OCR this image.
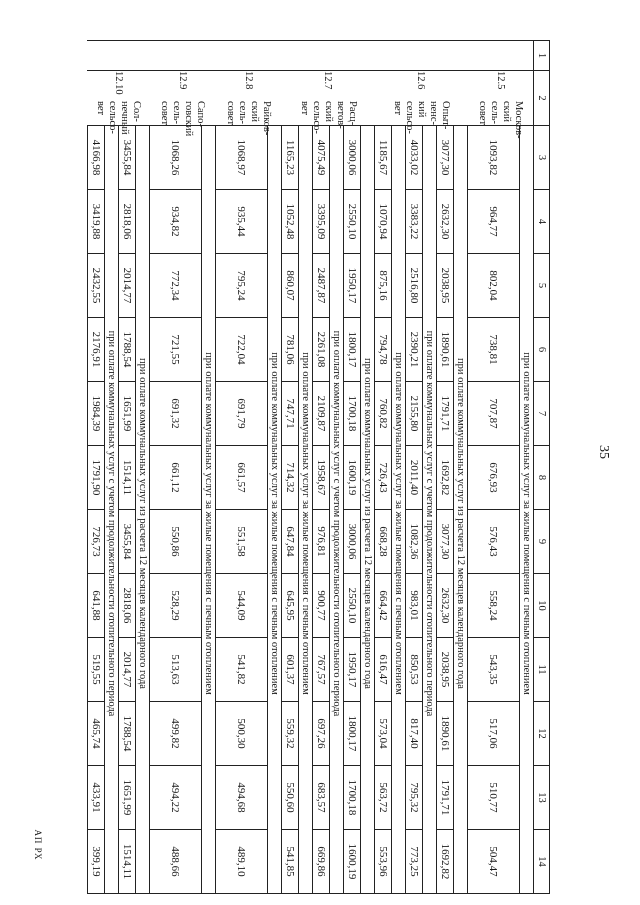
35
АП РХ
1	2	3	4	5	6	7	8	9	10	11	12	13	14
12.5	Москов-ский сель-совет	при оплате коммунальных услуг за жилые помещения с печным отоплением											
		1093,82	964,77	802,04	738,81	707,87	676,93	576,43	558,24	543,35	517,06	510,77	504,47
12.6	Опыт-ненс-кий сельсо-вет	при оплате коммунальных услуг из расчета 12 месяцев календарного года											
		3077,30	2632,30	2038,95	1890,61	1791,71	1692,82	3077,30	2632,30	2038,95	1890,61	1791,71	1692,82
		при оплате коммунальных услуг с учетом продолжительности отопительного периода											
		4033,02	3383,22	2516,80	2390,21	2155,80	2011,40	1082,36	983,01	850,53	817,40	795,32	773,25
		при оплате коммунальных услуг за жилые помещения с печным отоплением											
		1185,67	1070,94	875,16	794,78	760,82	726,43	668,28	664,42	616,47	573,04	563,72	553,96
12.7	Расц-ветов-ский сельсо-вет	при оплате коммунальных услуг из расчета 12 месяцев календарного года											
		3000,06	2550,10	1950,17	1800,17	1700,18	1600,19	3000,06	2550,10	1950,17	1800,17	1700,18	1600,19
		при оплате коммунальных услуг с учетом продолжительности отопительного периода											
		4075,49	3395,09	2487,87	2261,08	2109,87	1958,67	976,81	900,77	767,57	697,26	683,57	669,86
		при оплате коммунальных услуг за жилые помещения с печным отоплением											
		1165,23	1052,48	860,07	781,06	747,71	714,32	647,84	645,95	601,37	559,32	550,60	541,85
12.8	Райков-ский сель-совет	при оплате коммунальных услуг за жилые помещения с печным отоплением											
		1068,97	935,44	795,24	722,04	691,79	661,57	551,58	544,09	541,82	500,30	494,68	489,10
12.9	Сапо-говский сель-совет	при оплате коммунальных услуг за жилые помещения с печным отоплением											
		1068,26	934,82	772,34	721,55	691,32	661,12	550,86	528,29	513,63	499,82	494,22	488,66
12.10	Сол-нечный сельсо-вет	при оплате коммунальных услуг из расчета 12 месяцев календарного года											
		3455,84	2818,06	2014,77	1788,54	1651,99	1514,11	3455,84	2818,06	2014,77	1788,54	1651,99	1514,11
		при оплате коммунальных услуг с учетом продолжительности отопительного периода											
		4166,98	3419,88	2432,55	2176,91	1984,39	1791,90	726,73	641,88	519,55	465,74	433,91	399,19
